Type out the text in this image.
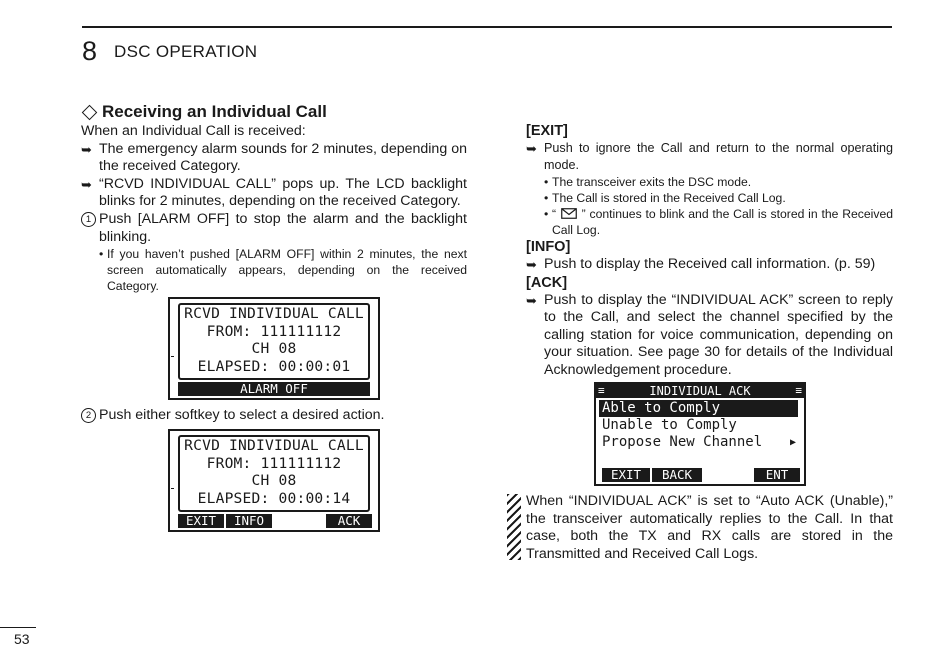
8 DSC OPERATION
Receiving an Individual Call

When an Individual Call is received:

➥ The emergency alarm sounds for 2 minutes, depending on the received Category.
➥ “RCVD INDIVIDUAL CALL” pops up. The LCD backlight blinks for 2 minutes, depending on the received Category.
1 Push [ALARM OFF] to stop the alarm and the backlight blinking.
• If you haven’t pushed [ALARM OFF] within 2 minutes, the next screen automatically appears, depending on the received Category.
RCVD INDIVIDUAL CALL
FROM: 111111112
CH 08
ELAPSED: 00:00:01
ALARM OFF
2 Push either softkey to select a desired action.
RCVD INDIVIDUAL CALL
FROM: 111111112
CH 08
ELAPSED: 00:00:14
EXIT	INFO	ACK
[EXIT]
➥ Push to ignore the Call and return to the normal operating mode.
• The transceiver exits the DSC mode.
• The Call is stored in the Received Call Log.
• “ ” continues to blink and the Call is stored in the Received Call Log.
[INFO]
➥ Push to display the Received call information. (p. 59)
[ACK]
➥ Push to display the “INDIVIDUAL ACK” screen to reply to the Call, and select the channel specified by the calling station for voice communication, depending on your situation. See page 30 for details of the Individual Acknowledgement procedure.
≡	INDIVIDUAL ACK	≡
Able to Comply
Unable to Comply
Propose New Channel	▶
EXIT	BACK	ENT
When “INDIVIDUAL ACK” is set to “Auto ACK (Unable),” the transceiver automatically replies to the Call. In that case, both the TX and RX calls are stored in the Transmitted and Received Call Logs.
53
